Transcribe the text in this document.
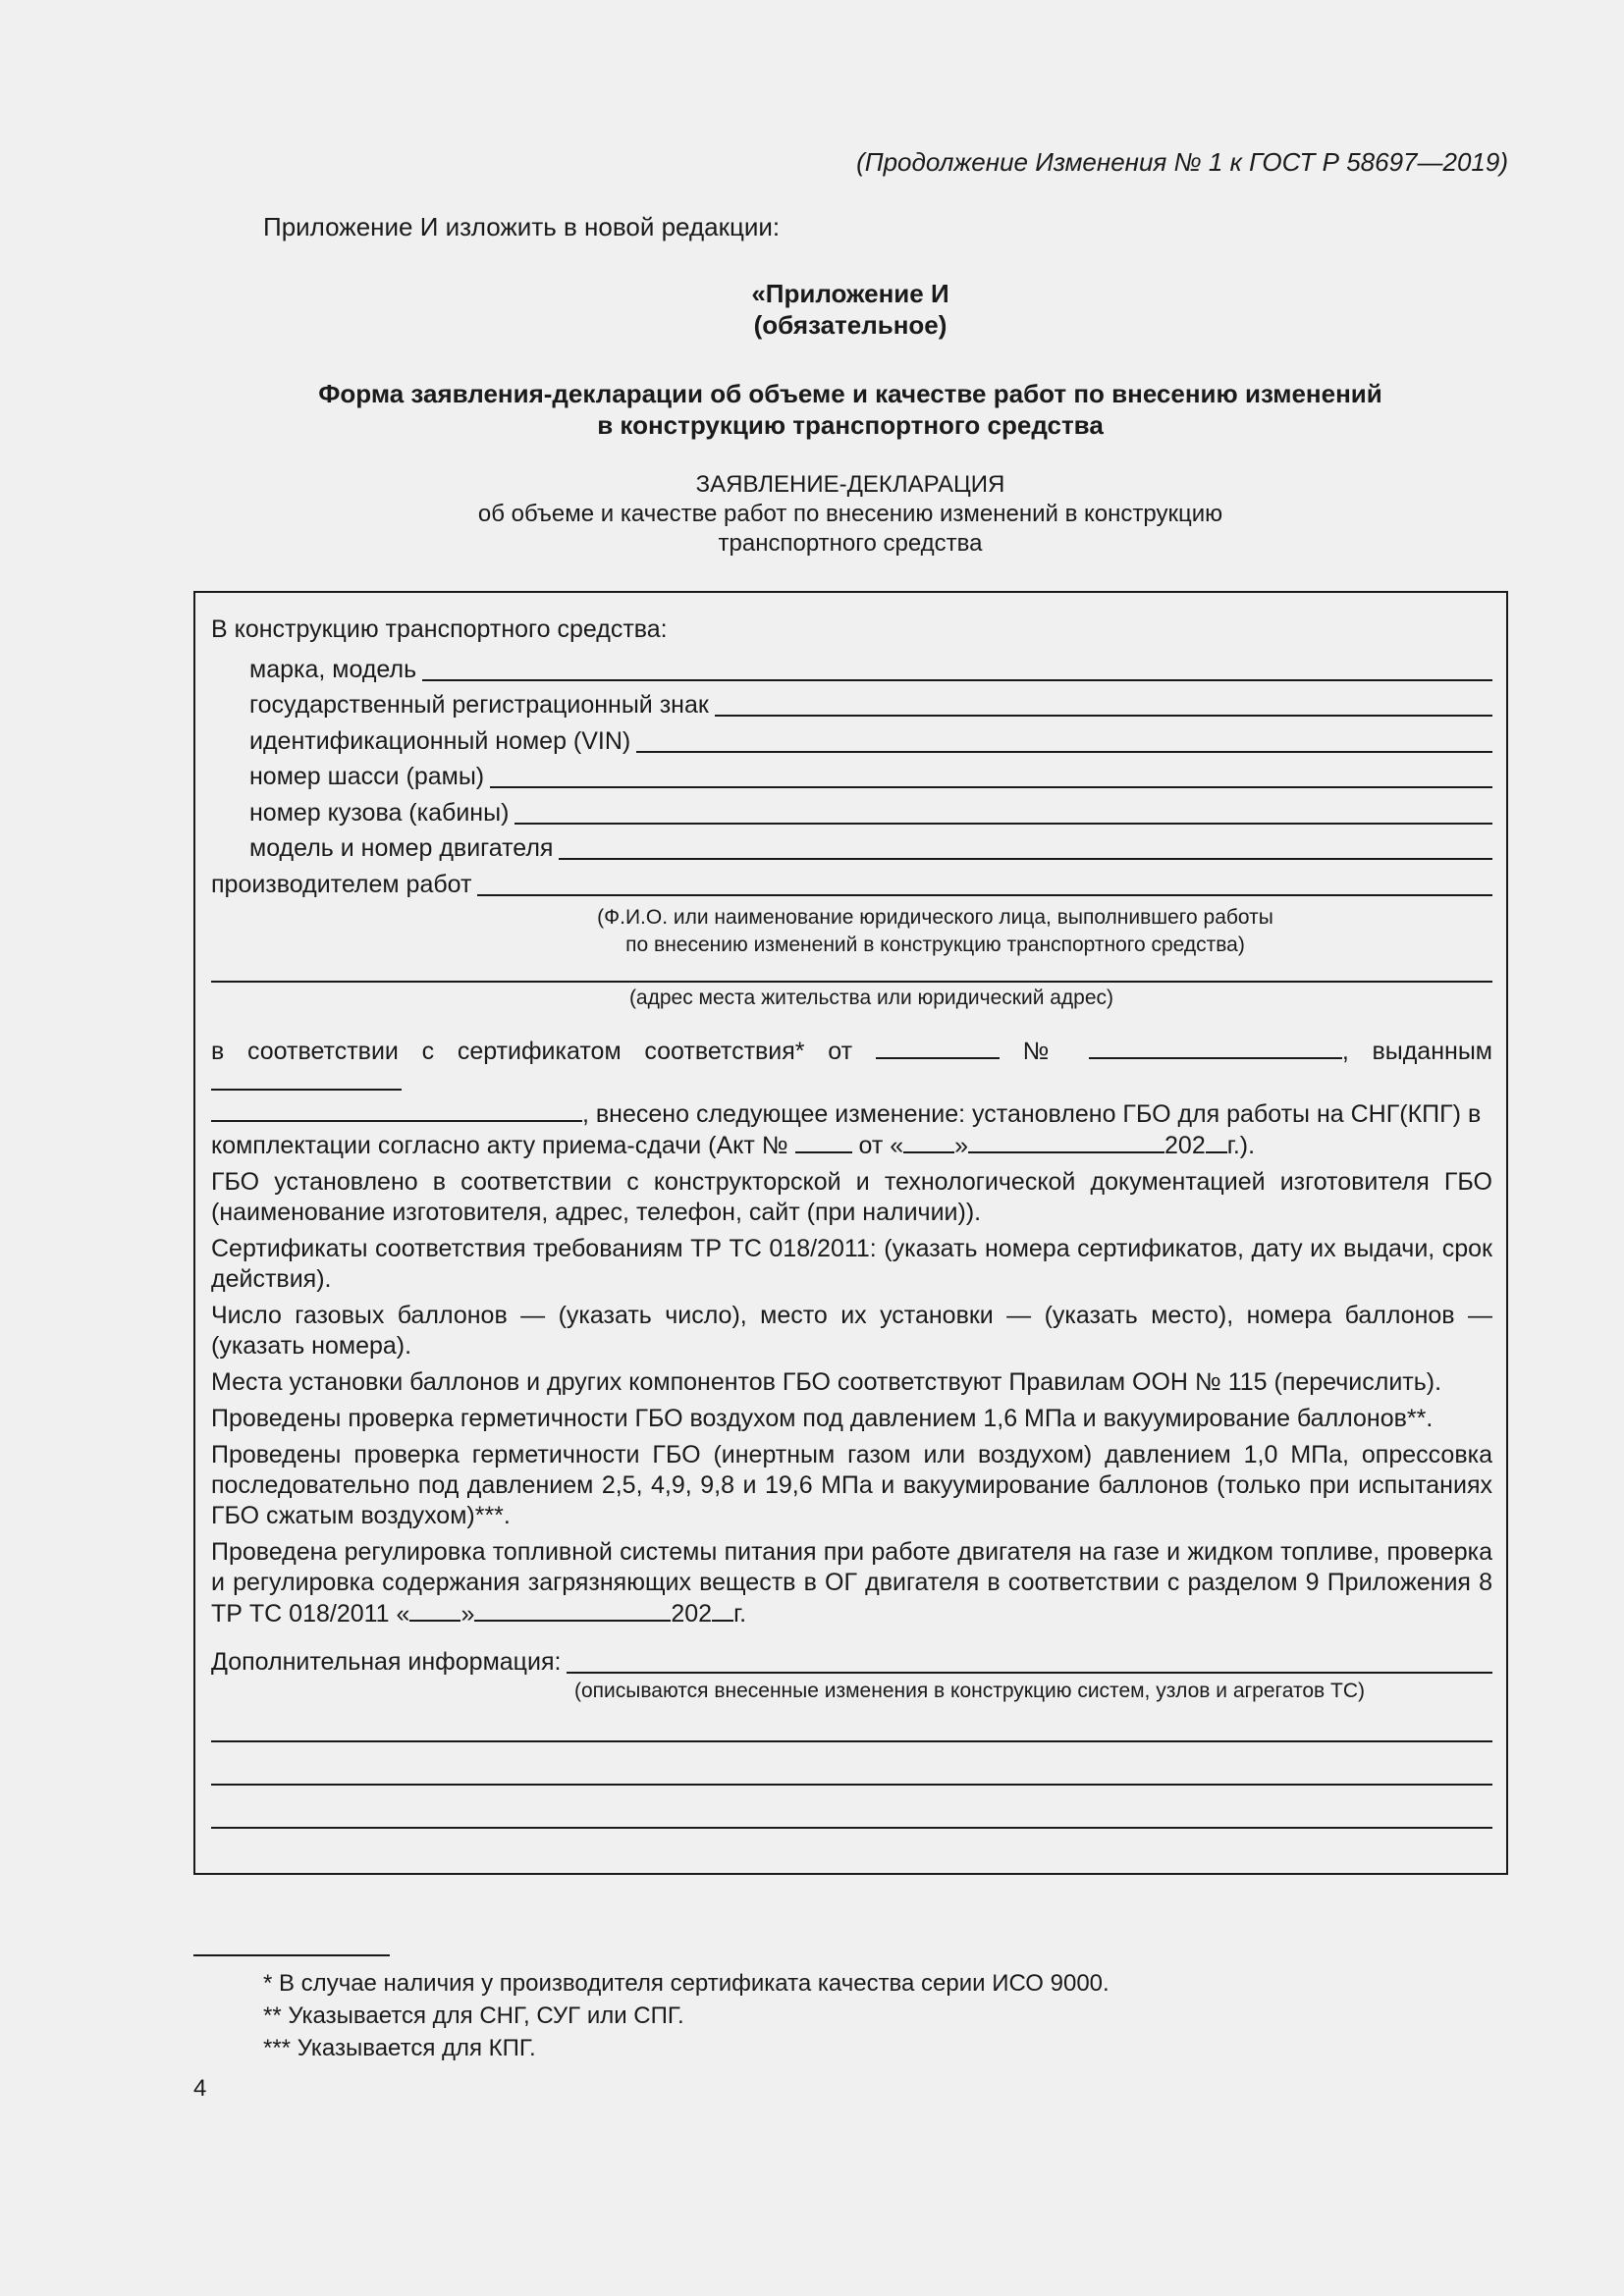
(Продолжение Изменения № 1 к ГОСТ Р 58697—2019)
Приложение И изложить в новой редакции:
«Приложение И
(обязательное)
Форма заявления-декларации об объеме и качестве работ по внесению изменений
в конструкцию транспортного средства
ЗАЯВЛЕНИЕ-ДЕКЛАРАЦИЯ
об объеме и качестве работ по внесению изменений в конструкцию
транспортного средства
В конструкцию транспортного средства:
марка, модель
государственный регистрационный знак
идентификационный номер (VIN)
номер шасси (рамы)
номер кузова (кабины)
модель и номер двигателя
производителем работ
(Ф.И.О. или наименование юридического лица, выполнившего работы
по внесению изменений в конструкцию транспортного средства)
(адрес места жительства или юридический адрес)
в соответствии с сертификатом соответствия* от	№	, выданным
, внесено следующее изменение: установлено ГБО для работы на СНГ(КПГ) в
комплектации согласно акту приема-сдачи (Акт №	от « »	202 г.).
ГБО установлено в соответствии с конструкторской и технологической документацией изготовителя ГБО (наименование изготовителя, адрес, телефон, сайт (при наличии)).
Сертификаты соответствия требованиям ТР ТС 018/2011: (указать номера сертификатов, дату их выдачи, срок действия).
Число газовых баллонов — (указать число), место их установки — (указать место), номера баллонов — (указать номера).
Места установки баллонов и других компонентов ГБО соответствуют Правилам ООН № 115 (перечислить).
Проведены проверка герметичности ГБО воздухом под давлением 1,6 МПа и вакуумирование баллонов**.
Проведены проверка герметичности ГБО (инертным газом или воздухом) давлением 1,0 МПа, опрессовка последовательно под давлением 2,5, 4,9, 9,8 и 19,6 МПа и вакуумирование баллонов (только при испытаниях ГБО сжатым воздухом)***.
Проведена регулировка топливной системы питания при работе двигателя на газе и жидком топливе, проверка и регулировка содержания загрязняющих веществ в ОГ двигателя в соответствии с разделом 9 Приложения 8 ТР ТС 018/2011 « »	202 г.
Дополнительная информация:
(описываются внесенные изменения в конструкцию систем, узлов и агрегатов ТС)
* В случае наличия у производителя сертификата качества серии ИСО 9000.
** Указывается для СНГ, СУГ или СПГ.
*** Указывается для КПГ.
4
